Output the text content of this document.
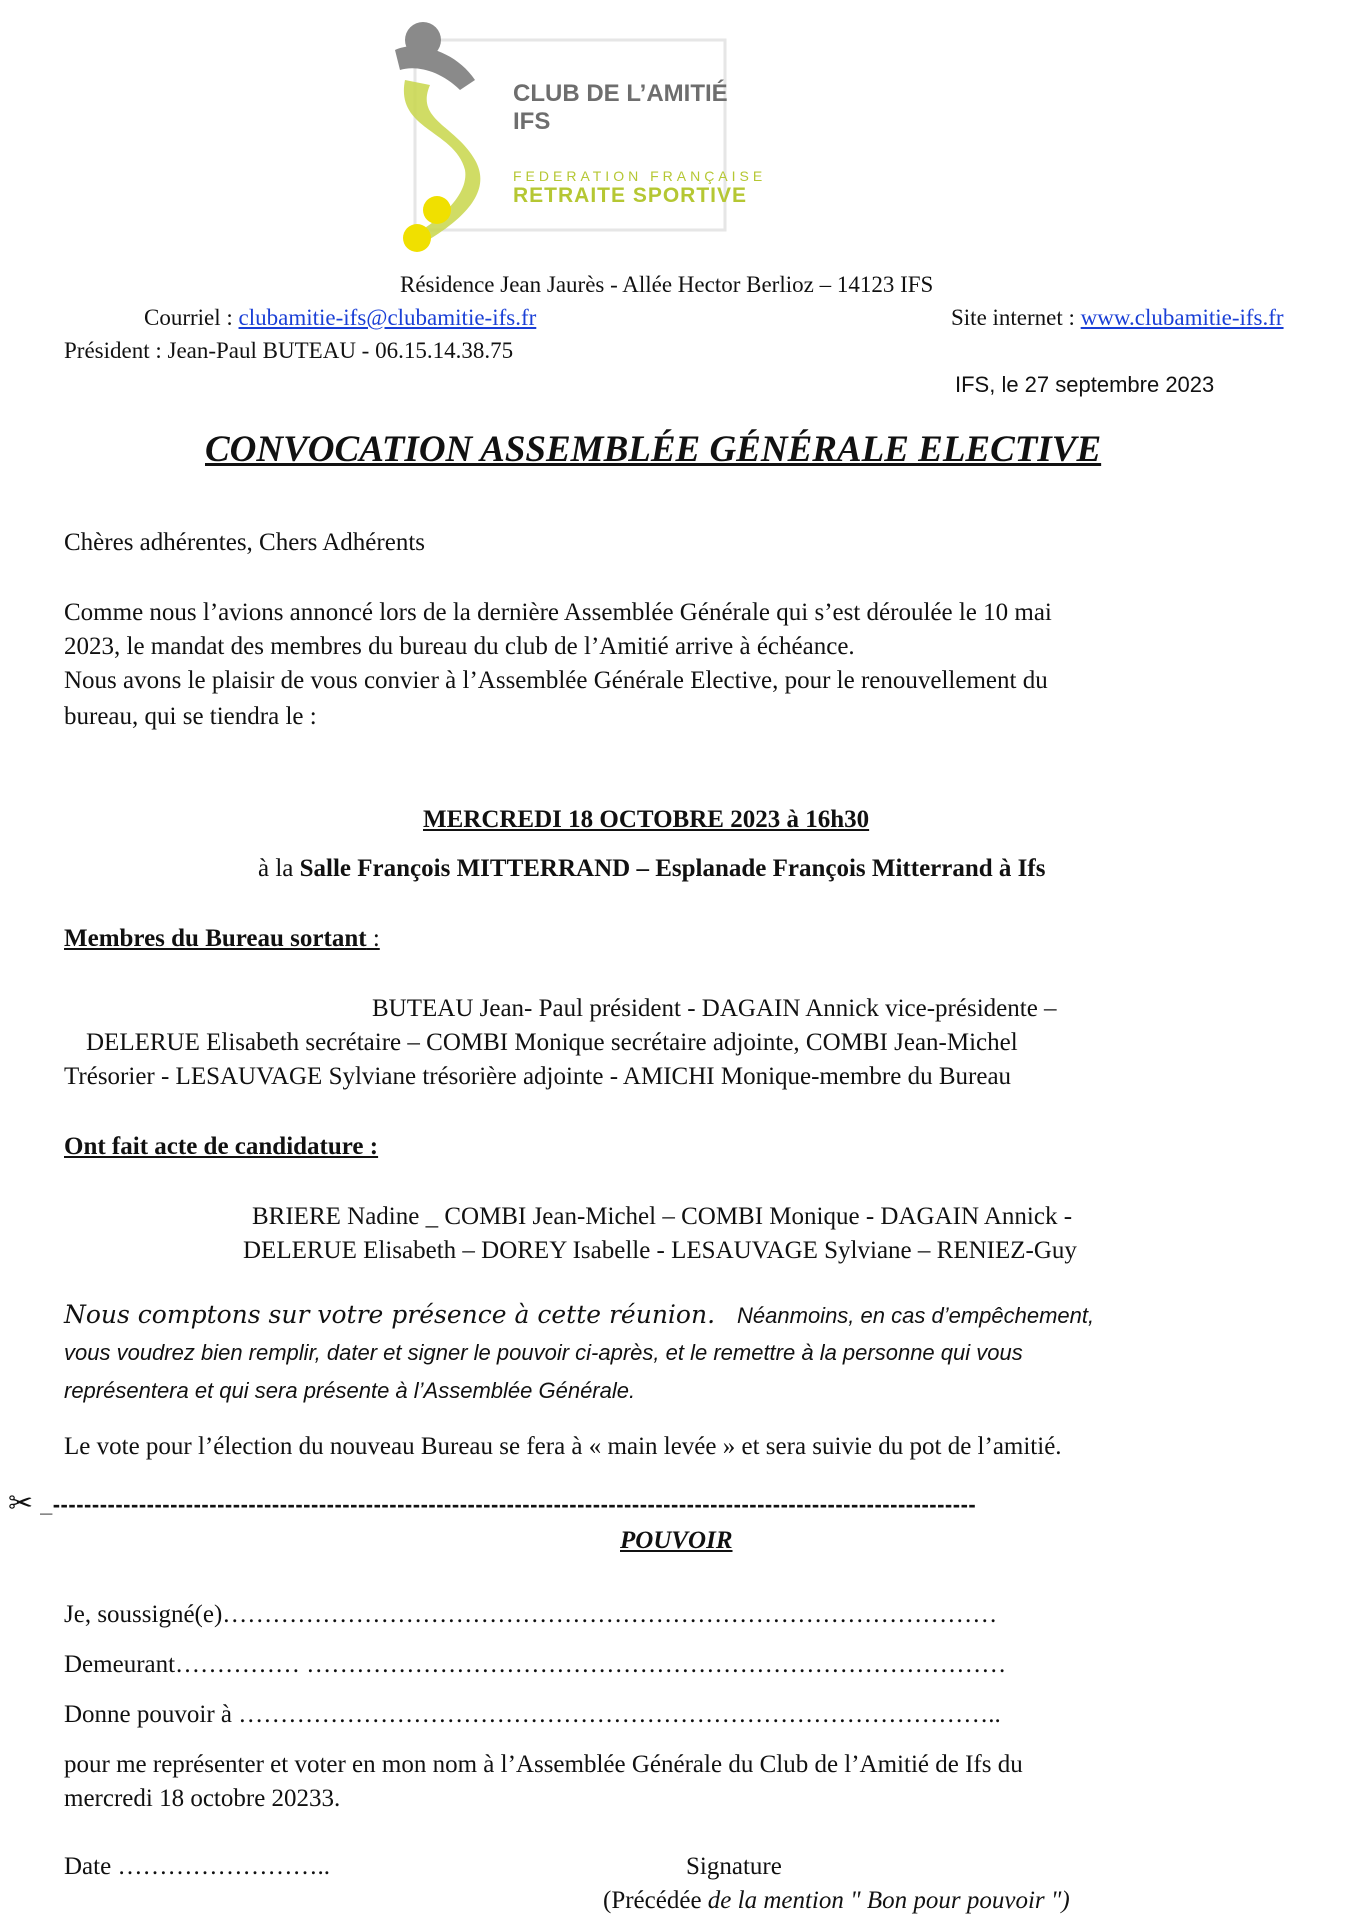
CLUB DE L’AMITIÉ
IFS
FEDERATION FRANÇAISE
RETRAITE SPORTIVE
Résidence Jean Jaurès - Allée Hector Berlioz – 14123 IFS
Courriel : clubamitie-ifs@clubamitie-ifs.fr	Site internet : www.clubamitie-ifs.fr
Président : Jean-Paul BUTEAU - 06.15.14.38.75
IFS, le 27 septembre 2023
CONVOCATION ASSEMBLÉE GÉNÉRALE ELECTIVE
Chères adhérentes, Chers Adhérents
Comme nous l’avions annoncé lors de la dernière Assemblée Générale qui s’est déroulée le 10 mai
2023, le mandat des membres du bureau du club de l’Amitié arrive à échéance.
Nous avons le plaisir de vous convier à l’Assemblée Générale Elective, pour le renouvellement du
bureau, qui se tiendra le :
MERCREDI 18 OCTOBRE 2023 à 16h30
à la Salle François MITTERRAND – Esplanade François Mitterrand à Ifs
Membres du Bureau sortant :
BUTEAU Jean- Paul président - DAGAIN Annick vice-présidente –
DELERUE Elisabeth secrétaire – COMBI Monique secrétaire adjointe, COMBI Jean-Michel
Trésorier - LESAUVAGE Sylviane trésorière adjointe - AMICHI Monique-membre du Bureau
Ont fait acte de candidature :
BRIERE Nadine _ COMBI Jean-Michel – COMBI Monique - DAGAIN Annick -
DELERUE Elisabeth – DOREY Isabelle - LESAUVAGE Sylviane – RENIEZ-Guy
Nous comptons sur votre présence à cette réunion. Néanmoins, en cas d’empêchement,
vous voudrez bien remplir, dater et signer le pouvoir ci-après, et le remettre à la personne qui vous
représentera et qui sera présente à l’Assemblée Générale.
Le vote pour l’élection du nouveau Bureau se fera à « main levée » et sera suivie du pot de l’amitié.
✂ _----------------------------------------------------------------------------------------------------------------------
POUVOIR
Je, soussigné(e)…………………………………………………………………………………
Demeurant…………… …………………………………………………………………………
Donne pouvoir à ………………………………………………………………………………..
pour me représenter et voter en mon nom à l’Assemblée Générale du Club de l’Amitié de Ifs du
mercredi 18 octobre 20233.
Date ……………………..	Signature
(Précédée de la mention " Bon pour pouvoir ")
